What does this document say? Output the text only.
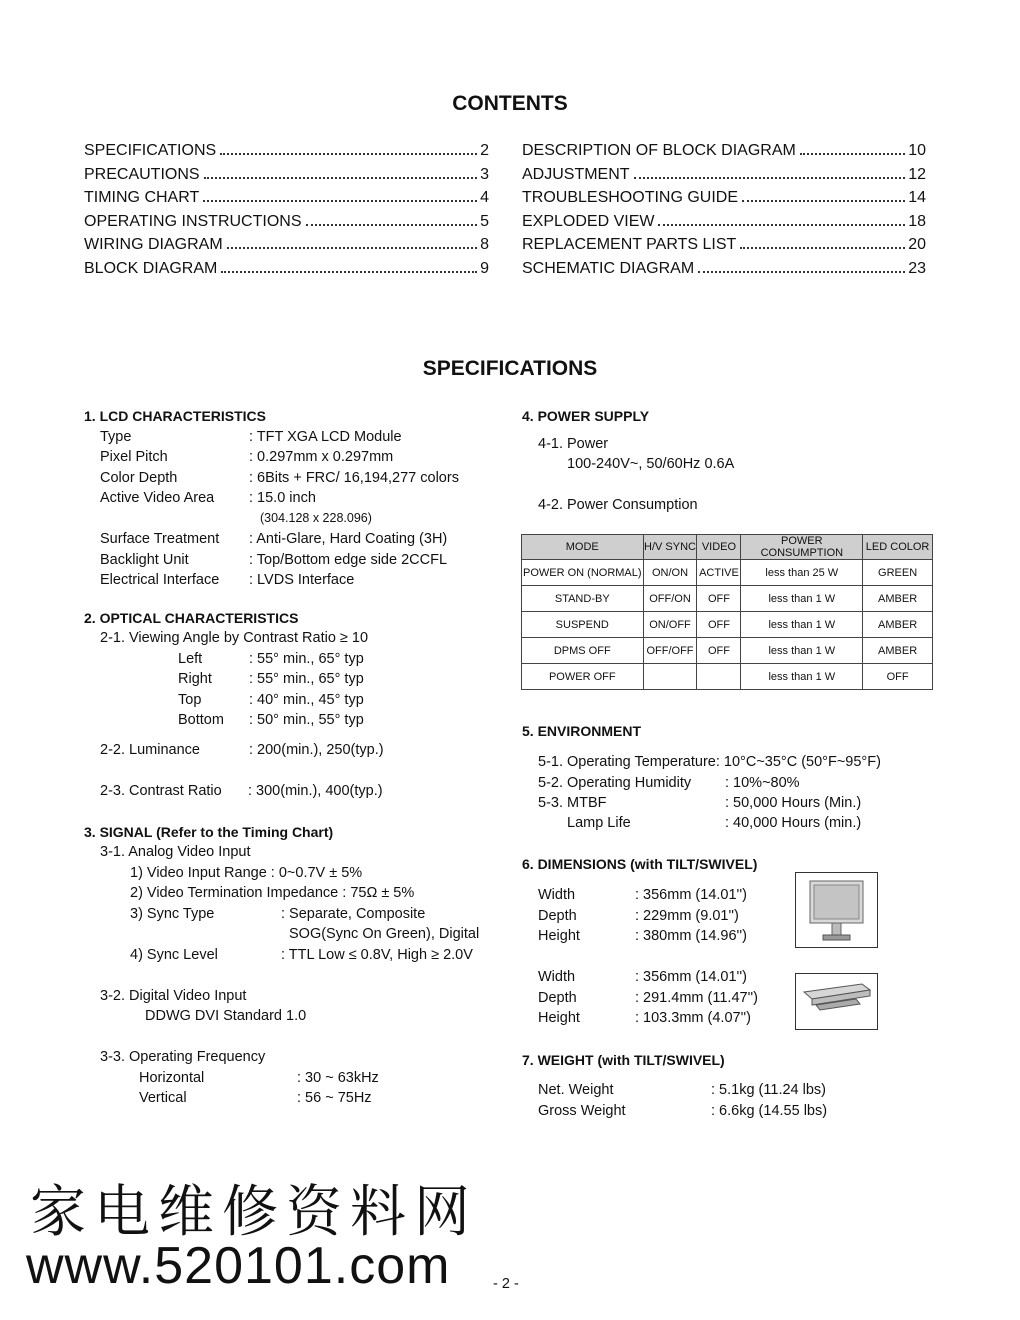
CONTENTS
SPECIFICATIONS	2
PRECAUTIONS	3
TIMING CHART	4
OPERATING INSTRUCTIONS	5
WIRING DIAGRAM	8
BLOCK DIAGRAM	9
DESCRIPTION OF BLOCK DIAGRAM	10
ADJUSTMENT	12
TROUBLESHOOTING GUIDE	14
EXPLODED VIEW	18
REPLACEMENT PARTS LIST	20
SCHEMATIC DIAGRAM	23
SPECIFICATIONS
1. LCD CHARACTERISTICS
Type	: TFT XGA LCD Module
Pixel Pitch	: 0.297mm x 0.297mm
Color Depth	: 6Bits + FRC/ 16,194,277 colors
Active Video Area : 15.0 inch
(304.128 x 228.096)
Surface Treatment : Anti-Glare, Hard Coating (3H)
Backlight Unit	: Top/Bottom edge side 2CCFL
Electrical Interface : LVDS Interface
2. OPTICAL CHARACTERISTICS
2-1. Viewing Angle by Contrast Ratio ≥ 10
Left	: 55° min., 65° typ
Right	: 55° min., 65° typ
Top	: 40° min., 45° typ
Bottom : 50° min., 55° typ
2-2. Luminance	: 200(min.), 250(typ.)
2-3. Contrast Ratio : 300(min.), 400(typ.)
3. SIGNAL (Refer to the Timing Chart)
3-1. Analog Video Input
1) Video Input Range : 0~0.7V ± 5%
2) Video Termination Impedance : 75Ω ± 5%
3) Sync Type	: Separate, Composite
SOG(Sync On Green), Digital
4) Sync Level	: TTL Low ≤ 0.8V, High ≥ 2.0V
3-2. Digital Video Input
DDWG DVI Standard 1.0
3-3. Operating Frequency
Horizontal	: 30 ~ 63kHz
Vertical	: 56 ~ 75Hz
4. POWER SUPPLY
4-1. Power
100-240V~, 50/60Hz 0.6A
4-2. Power Consumption
MODE	H/V SYNC	VIDEO	POWER CONSUMPTION	LED COLOR
POWER ON (NORMAL)	ON/ON	ACTIVE	less than 25 W	GREEN
STAND-BY	OFF/ON	OFF	less than 1 W	AMBER
SUSPEND	ON/OFF	OFF	less than 1 W	AMBER
DPMS OFF	OFF/OFF	OFF	less than 1 W	AMBER
POWER OFF			less than 1 W	OFF
5. ENVIRONMENT
5-1. Operating Temperature: 10°C~35°C (50°F~95°F)
5-2. Operating Humidity : 10%~80%
5-3. MTBF	: 50,000 Hours (Min.)
Lamp Life	: 40,000 Hours (min.)
6. DIMENSIONS (with TILT/SWIVEL)
Width	: 356mm (14.01'')
Depth	: 229mm (9.01'')
Height	: 380mm (14.96'')
Width	: 356mm (14.01'')
Depth	: 291.4mm (11.47'')
Height	: 103.3mm (4.07'')
7. WEIGHT (with TILT/SWIVEL)
Net. Weight	: 5.1kg (11.24 lbs)
Gross Weight	: 6.6kg (14.55 lbs)
家电维修资料网
www.520101.com	- 2 -
